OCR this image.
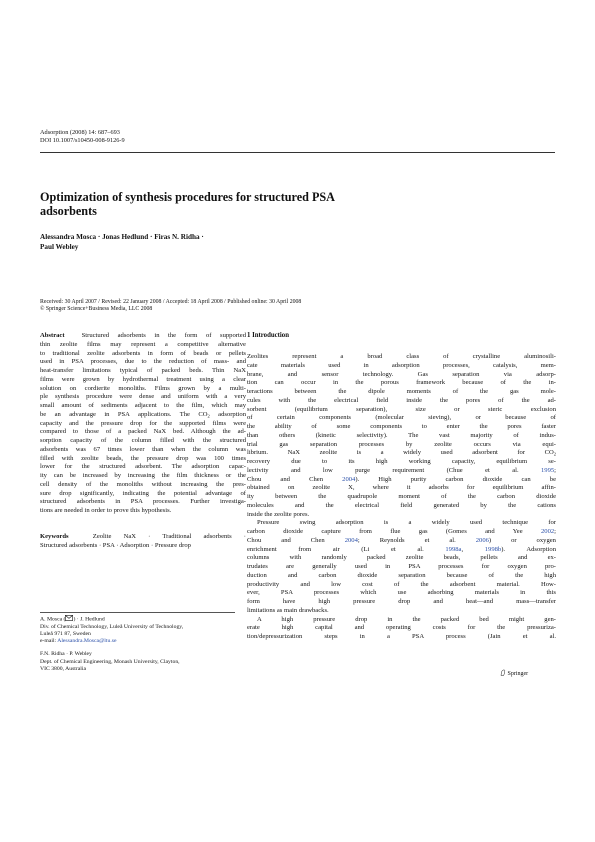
Adsorption (2008) 14: 687–693
DOI 10.1007/s10450-008-9126-9
Optimization of synthesis procedures for structured PSA
adsorbents
Alessandra Mosca · Jonas Hedlund · Firas N. Ridha ·
Paul Webley
Received: 30 April 2007 / Revised: 22 January 2008 / Accepted: 18 April 2008 / Published online: 30 April 2008
© Springer Science+Business Media, LLC 2008
Abstract	Structured adsorbents in the form of supported
thin zeolite films may represent a competitive alternative
to traditional zeolite adsorbents in form of beads or pellets
used in PSA processes, due to the reduction of mass- and
heat-transfer limitations typical of packed beds. Thin NaX
films were grown by hydrothermal treatment using a clear
solution on cordierite monoliths. Films grown by a multi-
ple synthesis procedure were dense and uniform with a very
small amount of sediments adjacent to the film, which may
be an advantage in PSA applications. The $CO_2$ adsorption
capacity and the pressure drop for the supported films were
compared to those of a packed NaX bed. Although the ad-
sorption capacity of the column filled with the structured
adsorbents was 67 times lower than when the column was
filled with zeolite beads, the pressure drop was 100 times
lower for the structured adsorbent. The adsorption capac-
ity can be increased by increasing the film thickness or the
cell density of the monoliths without increasing the pres-
sure drop significantly, indicating the potential advantage of
structured adsorbents in PSA processes. Further investiga-
tions are needed in order to prove this hypothesis.
Keywords	Zeolite NaX · Traditional adsorbents ·
Structured adsorbents · PSA · Adsorption · Pressure drop

A. Mosca ( ) · J. Hedlund
Div. of Chemical Technology, Luleå University of Technology,
Luleå 971 87, Sweden
e-mail: Alessandra.Mosca@ltu.se

F.N. Ridha · P. Webley
Dept. of Chemical Engineering, Monash University, Clayton,
VIC 3800, Australia

1 Introduction
Zeolites represent a broad class of crystalline aluminosili-
cate materials used in adsorption processes, catalysis, mem-
brane, and sensor technology. Gas separation via adsorp-
tion can occur in the porous framework because of the in-
teractions between the dipole moments of the gas mole-
cules with the electrical field inside the pores of the ad-
sorbent (equilibrium separation), size or steric exclusion
of certain components (molecular sieving), or because of
the ability of some components to enter the pores faster
than others (kinetic selectivity). The vast majority of indus-
trial gas separation processes by zeolite occurs via equi-
librium. NaX zeolite is a widely used adsorbent for $CO_2$
recovery due to its high working capacity, equilibrium se-
lectivity and low purge requirement (Chue et al. 1995;
Chou and Chen 2004). High purity carbon dioxide can be
obtained on zeolite X, where it adsorbs for equilibrium affin-
ity between the quadrupole moment of the carbon dioxide
molecules and the electrical field generated by the cations
inside the zeolite pores.
Pressure swing adsorption is a widely used technique for
carbon dioxide capture from flue gas (Gomes and Yee 2002;
Chou and Chen 2004; Reynolds et al. 2006) or oxygen
enrichment from air (Li et al. 1998a, 1998b). Adsorption
columns with randomly packed zeolite beads, pellets and ex-
trudates are generally used in PSA processes for oxygen pro-
duction and carbon dioxide separation because of the high
productivity and low cost of the adsorbent material. How-
ever, PSA processes which use adsorbing materials in this
form have high pressure drop and heat—and mass—transfer
limitations as main drawbacks.
A high pressure drop in the packed bed might gen-
erate high capital and operating costs for the pressuriza-
tion/depressurization steps in a PSA process (Jain et al.
Springer
